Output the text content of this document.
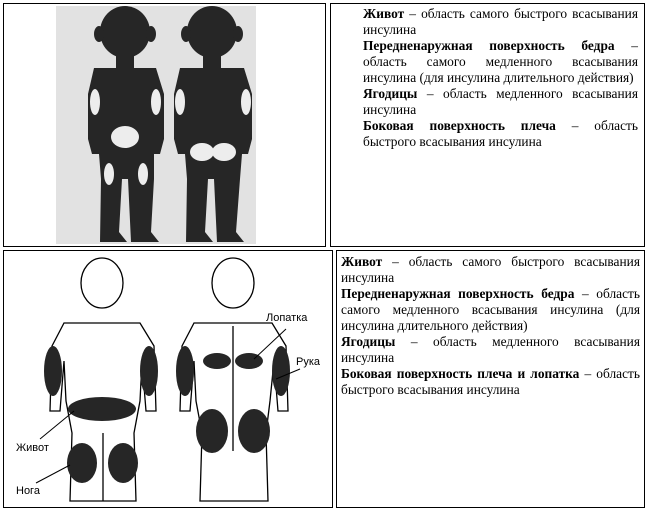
Живот – область самого быстрого всасывания инсулина

Передненаружная поверхность бедра – область самого медленного всасывания инсулина (для инсулина длительного действия)

Ягодицы – область медленного всасывания инсулина

Боковая поверхность плеча – область быстрого всасывания инсулина

Лопатка
Рука
Живот
Нога

Живот – область самого быстрого всасывания инсулина

Передненаружная поверхность бедра – область самого медленного всасывания инсулина (для инсулина длительного действия)

Ягодицы – область медленного всасывания инсулина

Боковая поверхность плеча и лопатка – область быстрого всасывания инсулина
